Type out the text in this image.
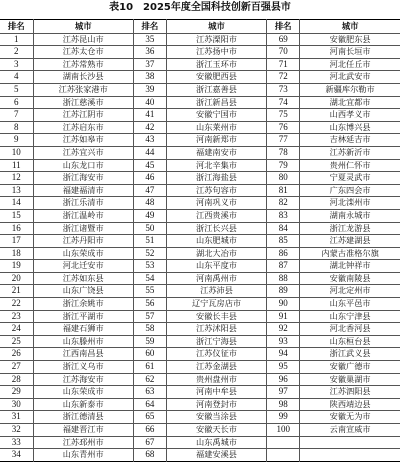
表10　2025年度全国科技创新百强县市
排名	城市	排名	城市	排名	城市
1	江苏昆山市	35	江苏溧阳市	69	安徽肥东县
2	江苏太仓市	36	江苏扬中市	70	河南长垣市
3	江苏常熟市	37	浙江玉环市	71	河北任丘市
4	湖南长沙县	38	安徽肥西县	72	河北武安市
5	江苏张家港市	39	浙江嘉善县	73	新疆库尔勒市
6	浙江慈溪市	40	浙江新昌县	74	湖北宜都市
7	江苏江阴市	41	安徽宁国市	75	山西孝义市
8	江苏启东市	42	山东莱州市	76	山东博兴县
9	江苏如皋市	43	河南新郑市	77	吉林延吉市
10	江苏宜兴市	44	福建南安市	78	江苏新沂市
11	山东龙口市	45	河北辛集市	79	贵州仁怀市
12	浙江海安市	46	浙江海盐县	80	宁夏灵武市
13	福建福清市	47	江苏句容市	81	广东四会市
14	浙江乐清市	48	河南巩义市	82	河北滦州市
15	浙江温岭市	49	江西贵溪市	83	湖南永城市
16	浙江诸暨市	50	浙江长兴县	84	浙江龙游县
17	江苏丹阳市	51	山东肥城市	85	江苏建湖县
18	山东荣成市	52	湖北大冶市	86	内蒙古准格尔旗
19	河北迁安市	53	山东平度市	87	湖北钟祥市
20	江苏如东县	54	河南禹州市	88	安徽南陵县
21	山东广饶县	55	江苏沛县	89	河北定州市
22	浙江余姚市	56	辽宁瓦房店市	90	山东平邑市
23	浙江平湖市	57	安徽长丰县	91	山东宁津县
24	福建石狮市	58	江苏沭阳县	92	河北香河县
25	山东滕州市	59	浙江宁海县	93	山东桓台县
26	江西南昌县	60	江苏仪征市	94	浙江武义县
27	浙江义乌市	61	江苏金湖县	95	安徽广德市
28	江苏海安市	62	贵州盘州市	96	安徽巢湖市
29	山东荣成市	63	河南中牟县	97	江苏泗阳县
30	山东新泰市	64	河南登封市	98	陕西靖边县
31	浙江德清县	65	安徽当涂县	99	安徽无为市
32	福建晋江市	66	安徽天长市	100	云南宣威市
33	江苏邳州市	67	山东禹城市		
34	山东青州市	68	福建安溪县		
